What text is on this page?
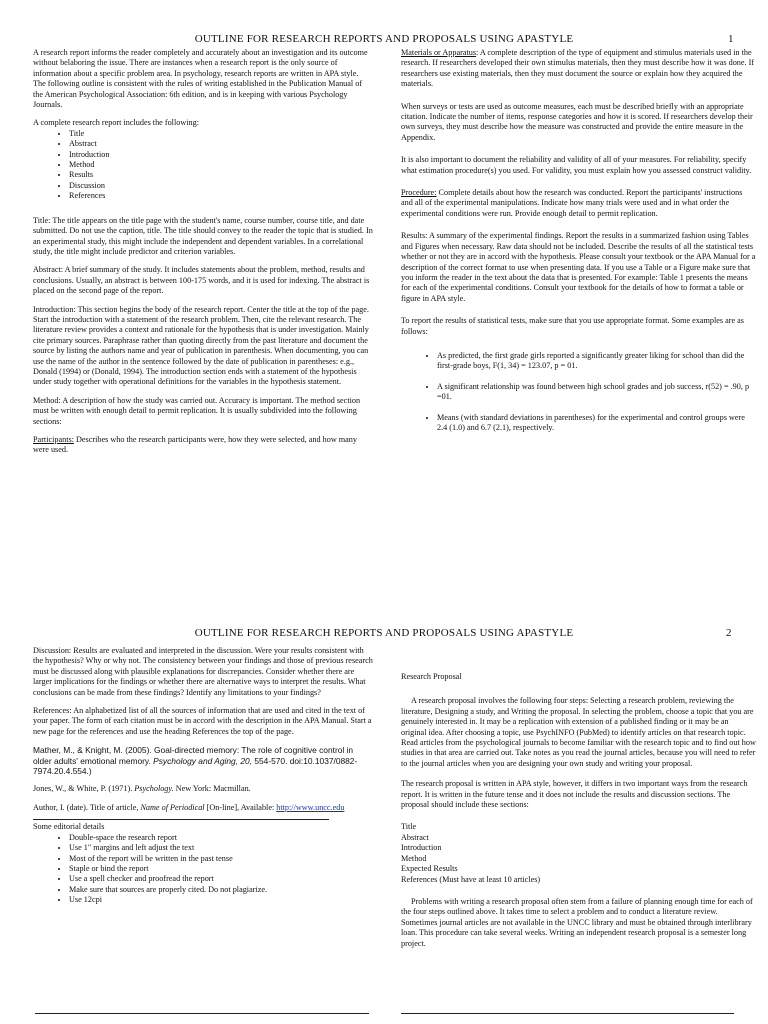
OUTLINE FOR RESEARCH REPORTS AND PROPOSALS USING APASTYLE	1

A research report informs the reader completely and accurately about an investigation and its outcome without belaboring the issue. There are instances when a research report is the only source of information about a specific problem area. In psychology, research reports are written in APA style. The following outline is consistent with the rules of writing established in the Publication Manual of the American Psychological Association: 6th edition, and is in keeping with various Psychology Journals.

A complete research report includes the following:

• Title
• Abstract
• Introduction
• Method
• Results
• Discussion
• References

Title: The title appears on the title page with the student's name, course number, course title, and date submitted. Do not use the caption, title. The title should convey to the reader the topic that is studied. In an experimental study, this might include the independent and dependent variables. In a correlational study, the title might include predictor and criterion variables.

Abstract: A brief summary of the study. It includes statements about the problem, method, results and conclusions. Usually, an abstract is between 100-175 words, and it is used for indexing. The abstract is placed on the second page of the report.

Introduction: This section begins the body of the research report. Center the title at the top of the page. Start the introduction with a statement of the research problem. Then, cite the relevant research. The literature review provides a context and rationale for the hypothesis that is under investigation. Mainly cite primary sources. Paraphrase rather than quoting directly from the past literature and document the source by listing the authors name and year of publication in parenthesis. When documenting, you can use the name of the author in the sentence followed by the date of publication in parentheses: e.g., Donald (1994) or (Donald, 1994). The introduction section ends with a statement of the hypothesis under study together with operational definitions for the variables in the hypothesis statement.

Method: A description of how the study was carried out. Accuracy is important. The method section must be written with enough detail to permit replication. It is usually subdivided into the following sections:

Participants: Describes who the research participants were, how they were selected, and how many were used.

Materials or Apparatus: A complete description of the type of equipment and stimulus materials used in the research. If researchers developed their own stimulus materials, then they must describe how it was done. If researchers use existing materials, then they must document the source or explain how they acquired the materials.

When surveys or tests are used as outcome measures, each must be described briefly with an appropriate citation. Indicate the number of items, response categories and how it is scored. If researchers develop their own surveys, they must describe how the measure was constructed and provide the entire measure in the Appendix.

It is also important to document the reliability and validity of all of your measures. For reliability, specify what estimation procedure(s) you used. For validity, you must explain how you assessed construct validity.

Procedure: Complete details about how the research was conducted. Report the participants' instructions and all of the experimental manipulations. Indicate how many trials were used and in what order the experimental conditions were run. Provide enough detail to permit replication.

Results: A summary of the experimental findings. Report the results in a summarized fashion using Tables and Figures when necessary. Raw data should not be included. Describe the results of all the statistical tests whether or not they are in accord with the hypothesis. Please consult your textbook or the APA Manual for a description of the correct format to use when presenting data. If you use a Table or a Figure make sure that you inform the reader in the text about the data that is presented. For example: Table 1 presents the means for each of the experimental conditions. Consult your textbook for the details of how to format a table or figure in APA style.

To report the results of statistical tests, make sure that you use appropriate format. Some examples are as follows:

• As predicted, the first grade girls reported a significantly greater liking for school than did the first-grade boys, F(1, 34) = 123.07, p = 01.
• A significant relationship was found between high school grades and job success, r(52) = .90, p =01.
• Means (with standard deviations in parentheses) for the experimental and control groups were 2.4 (1.0) and 6.7 (2.1), respectively.
OUTLINE FOR RESEARCH REPORTS AND PROPOSALS USING APASTYLE	2

Discussion: Results are evaluated and interpreted in the discussion. Were your results consistent with the hypothesis? Why or why not. The consistency between your findings and those of previous research must be discussed along with plausible explanations for discrepancies. Consider whether there are larger implications for the findings or whether there are alternative ways to interpret the results. What conclusions can be made from these findings? Identify any limitations to your findings?

References: An alphabetized list of all the sources of information that are used and cited in the text of your paper. The form of each citation must be in accord with the description in the APA Manual. Start a new page for the references and use the heading References the top of the page.

Mather, M., & Knight, M. (2005). Goal-directed memory: The role of cognitive control in older adults' emotional memory. Psychology and Aging, 20, 554-570. doi:10.1037/0882-7974.20.4.554.)

Jones, W., & White, P. (1971). Psychology. New York: Macmillan.

Author, I. (date). Title of article, Name of Periodical [On-line], Available: http://www.uncc.edu

Some editorial details

• Double-space the research report
• Use 1" margins and left adjust the text
• Most of the report will be written in the past tense
• Staple or bind the report
• Use a spell checker and proofread the report
• Make sure that sources are properly cited. Do not plagiarize.
• Use 12cpi

Research Proposal

A research proposal involves the following four steps: Selecting a research problem, reviewing the literature, Designing a study, and Writing the proposal. In selecting the problem, choose a topic that you are genuinely interested in. It may be a replication with extension of a published finding or it may be an original idea. After choosing a topic, use PsychINFO (PubMed) to identify articles on that research topic. Read articles from the psychological journals to become familiar with the research topic and to find out how studies in that area are carried out. Take notes as you read the journal articles, because you will need to refer to the journal articles when you are designing your own study and writing your proposal.

The research proposal is written in APA style, however, it differs in two important ways from the research report. It is written in the future tense and it does not include the results and discussion sections. The proposal should include these sections:

Title
Abstract
Introduction
Method
Expected Results
References (Must have at least 10 articles)

Problems with writing a research proposal often stem from a failure of planning enough time for each of the four steps outlined above. It takes time to select a problem and to conduct a literature review. Sometimes journal articles are not available in the UNCC library and must be obtained through interlibrary loan. This procedure can take several weeks. Writing an independent research proposal is a semester long project.
